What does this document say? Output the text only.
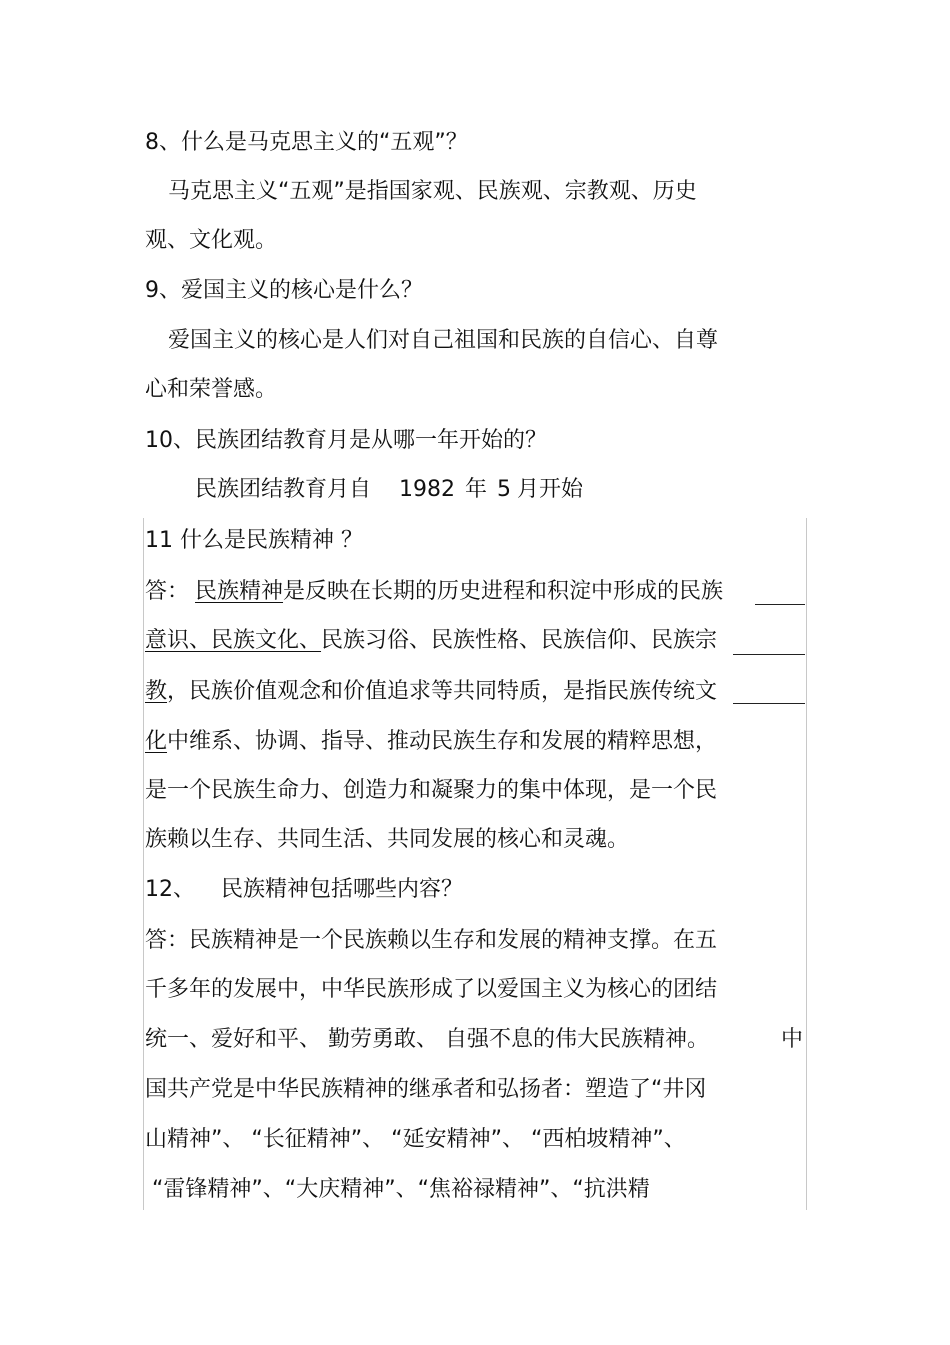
8、什么是马克思主义的“五观”？
马克思主义“五观”是指国家观、民族观、宗教观、历史
观、文化观。
9、爱国主义的核心是什么？
爱国主义的核心是人们对自己祖国和民族的自信心、自尊
心和荣誉感。
10、民族团结教育月是从哪一年开始的？
民族团结教育月自 1982 年 5 月开始
11 什么是民族精神 ？
答： 民族精神是反映在长期的历史进程和积淀中形成的民族
意识、民族文化、民族习俗、民族性格、民族信仰、民族宗
教，民族价值观念和价值追求等共同特质，是指民族传统文
化中维系、协调、指导、推动民族生存和发展的精粹思想，
是一个民族生命力、创造力和凝聚力的集中体现，是一个民
族赖以生存、共同生活、共同发展的核心和灵魂。
12、 民族精神包括哪些内容？
答：民族精神是一个民族赖以生存和发展的精神支撑。在五
千多年的发展中，中华民族形成了以爱国主义为核心的团结
统一、爱好和平、 勤劳勇敢、 自强不息的伟大民族精神。	中
国共产党是中华民族精神的继承者和弘扬者：塑造了“井冈
山精神”、 “长征精神”、 “延安精神”、 “西柏坡精神”、
“雷锋精神”、“大庆精神”、“焦裕禄精神”、“抗洪精
